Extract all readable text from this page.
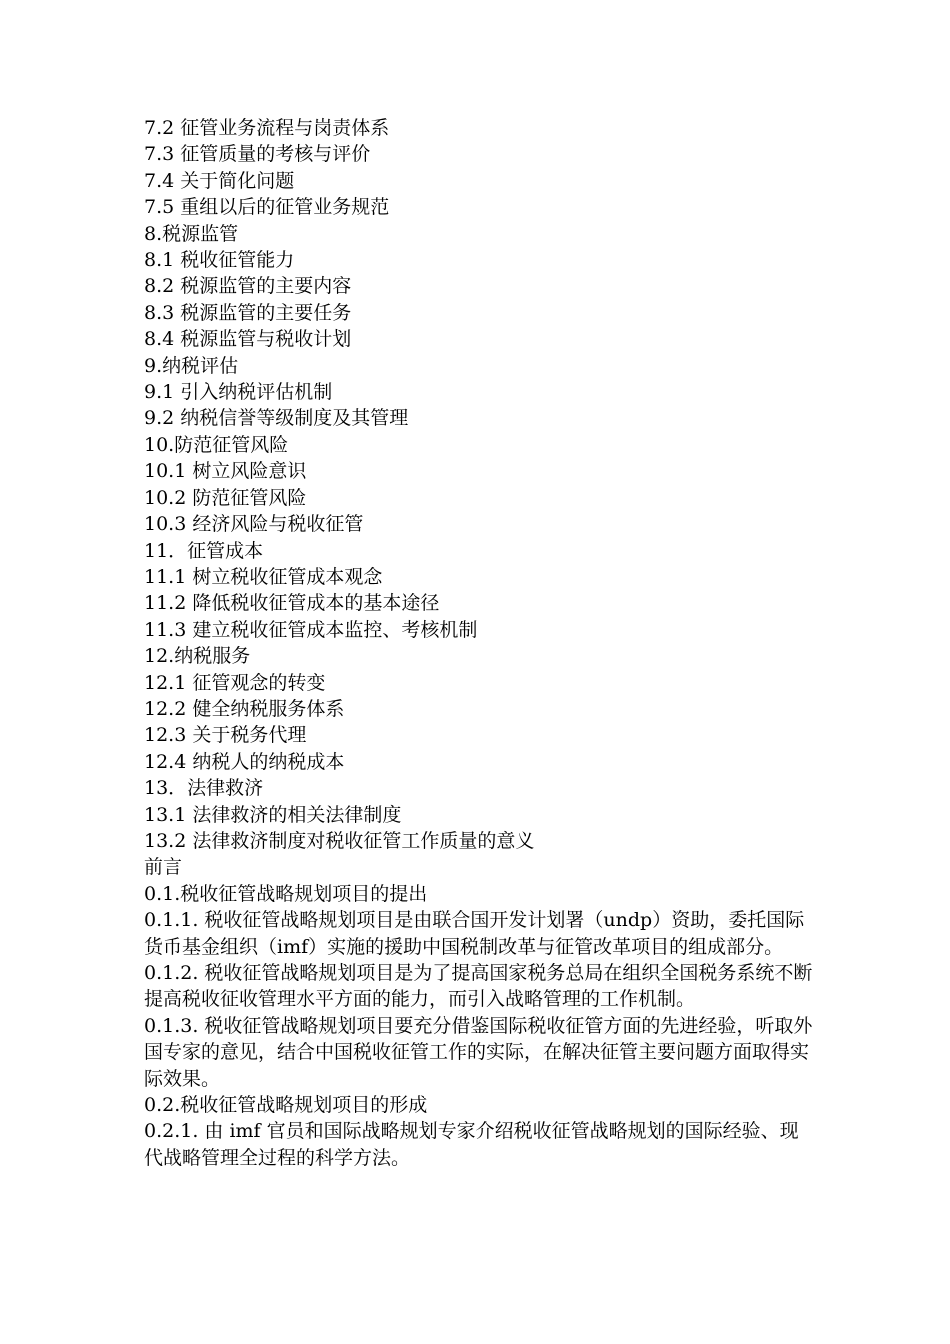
7.2 征管业务流程与岗责体系
7.3 征管质量的考核与评价
7.4 关于简化问题
7.5 重组以后的征管业务规范
8.税源监管
8.1 税收征管能力
8.2 税源监管的主要内容
8.3 税源监管的主要任务
8.4 税源监管与税收计划
9.纳税评估
9.1 引入纳税评估机制
9.2 纳税信誉等级制度及其管理
10.防范征管风险
10.1 树立风险意识
10.2 防范征管风险
10.3 经济风险与税收征管
11．征管成本
11.1 树立税收征管成本观念
11.2 降低税收征管成本的基本途径
11.3 建立税收征管成本监控、考核机制
12.纳税服务
12.1 征管观念的转变
12.2 健全纳税服务体系
12.3 关于税务代理
12.4 纳税人的纳税成本
13．法律救济
13.1 法律救济的相关法律制度
13.2 法律救济制度对税收征管工作质量的意义
前言
0.1.税收征管战略规划项目的提出

0.1.1. 税收征管战略规划项目是由联合国开发计划署（undp）资助，委托国际货币基金组织（imf）实施的援助中国税制改革与征管改革项目的组成部分。

0.1.2. 税收征管战略规划项目是为了提高国家税务总局在组织全国税务系统不断提高税收征收管理水平方面的能力，而引入战略管理的工作机制。

0.1.3. 税收征管战略规划项目要充分借鉴国际税收征管方面的先进经验，听取外国专家的意见，结合中国税收征管工作的实际，在解决征管主要问题方面取得实际效果。

0.2.税收征管战略规划项目的形成

0.2.1. 由 imf 官员和国际战略规划专家介绍税收征管战略规划的国际经验、现代战略管理全过程的科学方法。
